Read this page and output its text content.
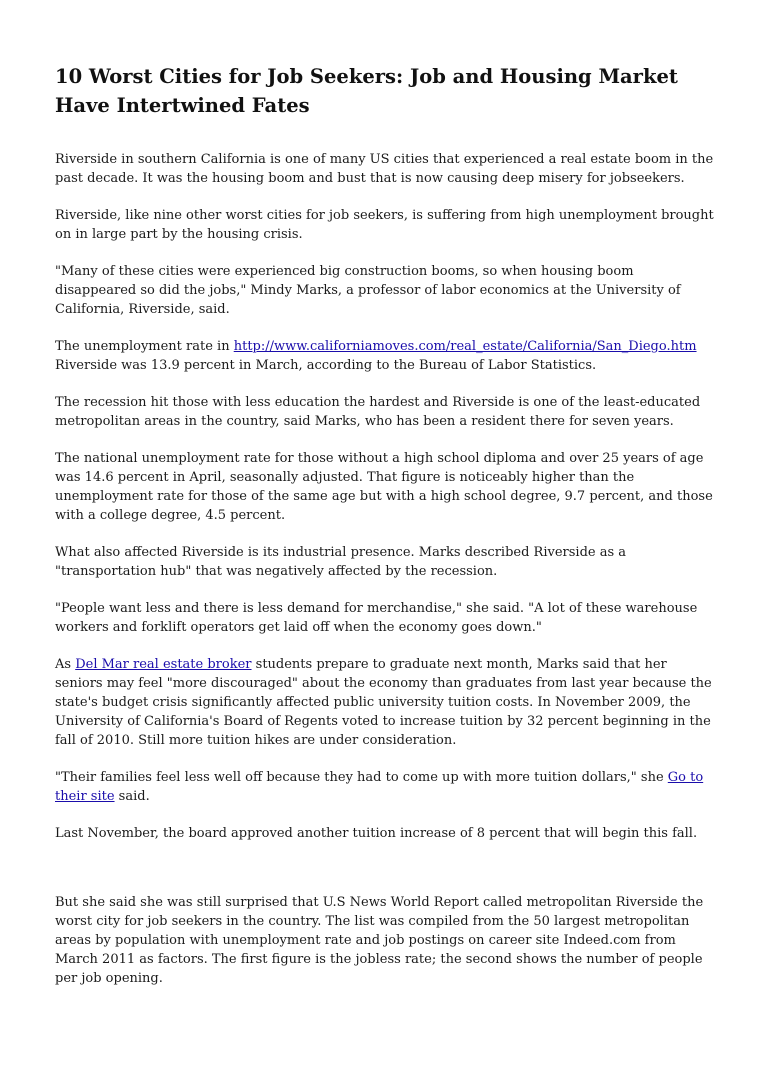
10 Worst Cities for Job Seekers: Job and Housing Market Have Intertwined Fates

Riverside in southern California is one of many US cities that experienced a real estate boom in the past decade. It was the housing boom and bust that is now causing deep misery for jobseekers.

Riverside, like nine other worst cities for job seekers, is suffering from high unemployment brought on in large part by the housing crisis.

"Many of these cities were experienced big construction booms, so when housing boom disappeared so did the jobs," Mindy Marks, a professor of labor economics at the University of California, Riverside, said.

The unemployment rate in http://www.californiamoves.com/real_estate/California/San_Diego.htm Riverside was 13.9 percent in March, according to the Bureau of Labor Statistics.

The recession hit those with less education the hardest and Riverside is one of the least-educated metropolitan areas in the country, said Marks, who has been a resident there for seven years.

The national unemployment rate for those without a high school diploma and over 25 years of age was 14.6 percent in April, seasonally adjusted. That figure is noticeably higher than the unemployment rate for those of the same age but with a high school degree, 9.7 percent, and those with a college degree, 4.5 percent.

What also affected Riverside is its industrial presence. Marks described Riverside as a "transportation hub" that was negatively affected by the recession.

"People want less and there is less demand for merchandise," she said. "A lot of these warehouse workers and forklift operators get laid off when the economy goes down."

As Del Mar real estate broker students prepare to graduate next month, Marks said that her seniors may feel "more discouraged" about the economy than graduates from last year because the state's budget crisis significantly affected public university tuition costs. In November 2009, the University of California's Board of Regents voted to increase tuition by 32 percent beginning in the fall of 2010. Still more tuition hikes are under consideration.

"Their families feel less well off because they had to come up with more tuition dollars," she Go to their site said.

Last November, the board approved another tuition increase of 8 percent that will begin this fall.

But she said she was still surprised that U.S News World Report called metropolitan Riverside the worst city for job seekers in the country. The list was compiled from the 50 largest metropolitan areas by population with unemployment rate and job postings on career site Indeed.com from March 2011 as factors. The first figure is the jobless rate; the second shows the number of people per job opening.
